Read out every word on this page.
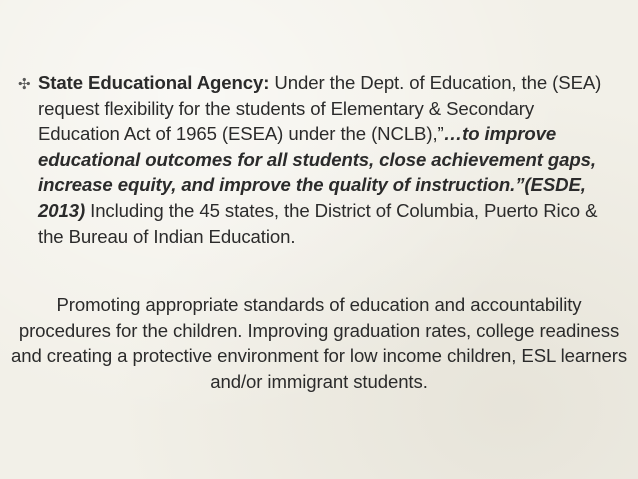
✣ State Educational Agency: Under the Dept. of Education, the (SEA) request flexibility for the students of Elementary & Secondary Education Act of 1965 (ESEA) under the (NCLB),”…to improve educational outcomes for all students, close achievement gaps, increase equity, and improve the quality of instruction.”(ESDE, 2013) Including the 45 states, the District of Columbia, Puerto Rico & the Bureau of Indian Education.
Promoting appropriate standards of education and accountability procedures for the children. Improving graduation rates, college readiness and creating a protective environment for low income children, ESL learners and/or immigrant students.
